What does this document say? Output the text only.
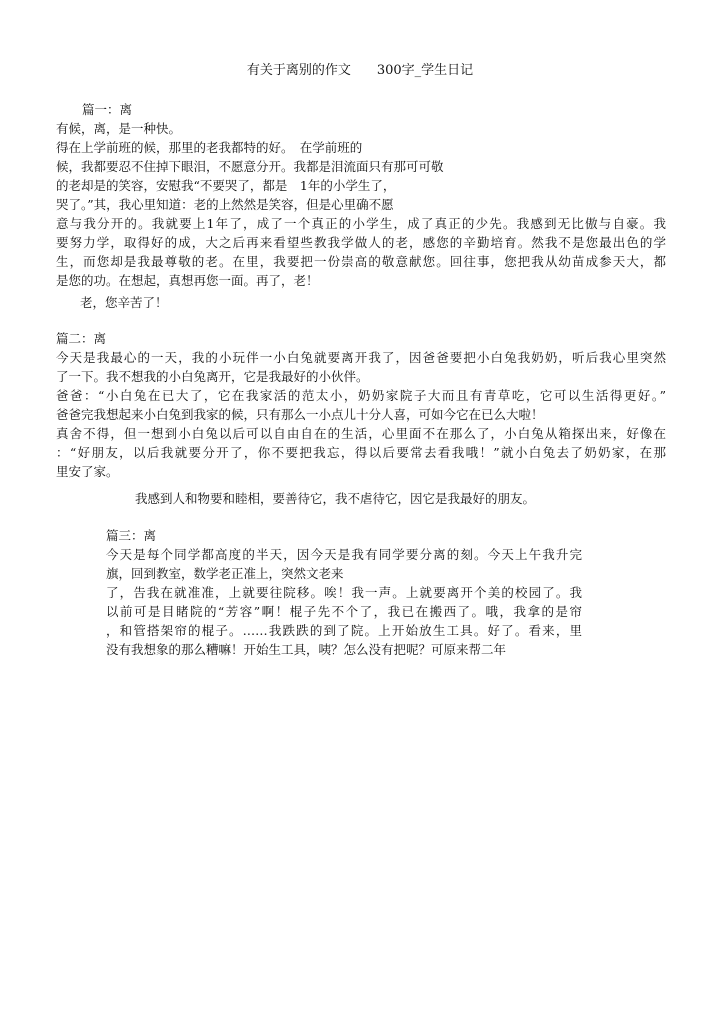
有关于离别的作文　　300字_学生日记
篇一：离
有候，离，是一种快。
得在上学前班的候，那里的老我都特的好。　在学前班的
候，我都要忍不住掉下眼泪，不愿意分开。我都是泪流面只有那可可敬
的老却是的笑容，安慰我“不要哭了，都是　1年的小学生了，
哭了。”其，我心里知道：老的上然然是笑容，但是心里确不愿
意与我分开的。我就要上1年了，成了一个真正的小学生，成了真正的少先。我感到无比傲与自豪。我
要努力学，取得好的成，大之后再来看望些教我学做人的老，感您的辛勤培育。然我不是您最出色的学
生，而您却是我最尊敬的老。在里，我要把一份崇高的敬意献您。回往事，您把我从幼苗成参天大，都
是您的功。在想起，真想再您一面。再了，老！
老，您辛苦了！
篇二：离
今天是我最心的一天，我的小玩伴一小白兔就要离开我了，因爸爸要把小白兔我奶奶，听后我心里突然
了一下。我不想我的小白兔离开，它是我最好的小伙伴。
爸爸：“小白兔在已大了，它在我家活的范太小，奶奶家院子大而且有青草吃，它可以生活得更好。”
爸爸完我想起来小白兔到我家的候，只有那么一小点儿十分人喜，可如今它在已么大啦！
真舍不得，但一想到小白兔以后可以自由自在的生活，心里面不在那么了，小白兔从箱探出来，好像在
：“好朋友，以后我就要分开了，你不要把我忘，得以后要常去看我哦！”就小白兔去了奶奶家，在那
里安了家。
我感到人和物要和睦相，要善待它，我不虐待它，因它是我最好的朋友。
篇三：离
今天是每个同学都高度的半天，因今天是我有同学要分离的刻。今天上午我升完
旗，回到教室，数学老正准上，突然文老来
了，告我在就准准，上就要往院移。唉！我一声。上就要离开个美的校园了。我
以前可是目睹院的“芳容”啊！棍子先不个了，我已在搬西了。哦，我拿的是帘
，和管搭架帘的棍子。……我跌跌的到了院。上开始放生工具。好了。看来，里
没有我想象的那么糟嘛！开始生工具，咦？怎么没有把呢？可原来帮二年
